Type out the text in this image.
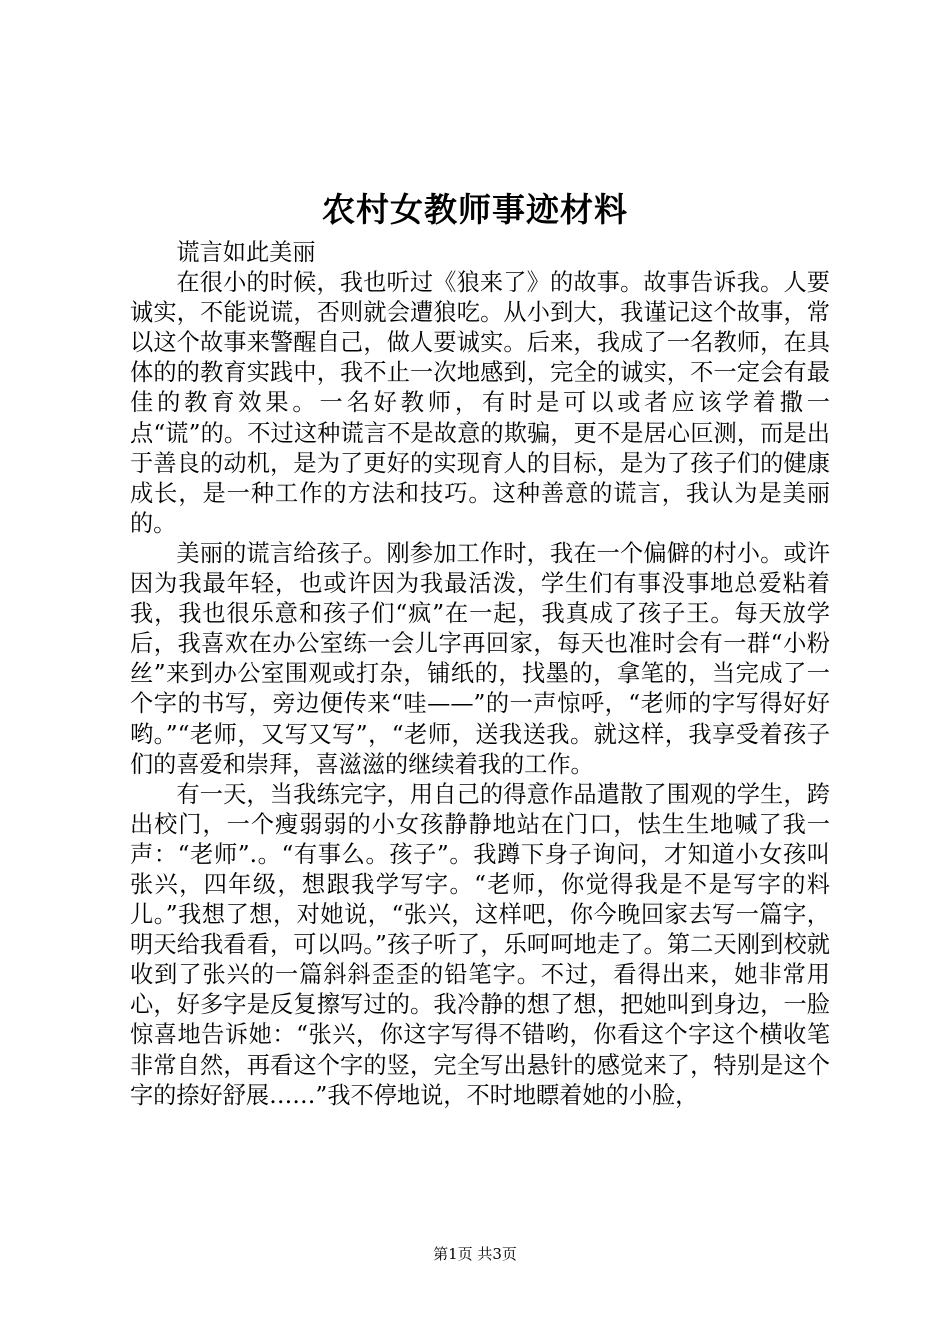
农村女教师事迹材料

谎言如此美丽

在很小的时候，我也听过《狼来了》的故事。故事告诉我。人要诚实，不能说谎，否则就会遭狼吃。从小到大，我谨记这个故事，常以这个故事来警醒自己，做人要诚实。后来，我成了一名教师，在具体的的教育实践中，我不止一次地感到，完全的诚实，不一定会有最佳的教育效果。一名好教师，有时是可以或者应该学着撒一点“谎”的。不过这种谎言不是故意的欺骗，更不是居心叵测，而是出于善良的动机，是为了更好的实现育人的目标，是为了孩子们的健康成长，是一种工作的方法和技巧。这种善意的谎言，我认为是美丽的。

美丽的谎言给孩子。刚参加工作时，我在一个偏僻的村小。或许因为我最年轻，也或许因为我最活泼，学生们有事没事地总爱粘着我，我也很乐意和孩子们“疯”在一起，我真成了孩子王。每天放学后，我喜欢在办公室练一会儿字再回家，每天也准时会有一群“小粉丝”来到办公室围观或打杂，铺纸的，找墨的，拿笔的，当完成了一个字的书写，旁边便传来“哇——”的一声惊呼，“老师的字写得好好哟。”“老师，又写又写”，“老师，送我送我。就这样，我享受着孩子们的喜爱和崇拜，喜滋滋的继续着我的工作。

有一天，当我练完字，用自己的得意作品遣散了围观的学生，跨出校门，一个瘦弱弱的小女孩静静地站在门口，怯生生地喊了我一声：“老师”.。“有事么。孩子”。我蹲下身子询问，才知道小女孩叫张兴，四年级，想跟我学写字。“老师，你觉得我是不是写字的料儿。”我想了想，对她说，“张兴，这样吧，你今晚回家去写一篇字，明天给我看看，可以吗。”孩子听了，乐呵呵地走了。第二天刚到校就收到了张兴的一篇斜斜歪歪的铅笔字。不过，看得出来，她非常用心，好多字是反复擦写过的。我冷静的想了想，把她叫到身边，一脸惊喜地告诉她：“张兴，你这字写得不错哟，你看这个字这个横收笔非常自然，再看这个字的竖，完全写出悬针的感觉来了，特别是这个字的捺好舒展……”我不停地说，不时地瞟着她的小脸，

第1页 共3页
